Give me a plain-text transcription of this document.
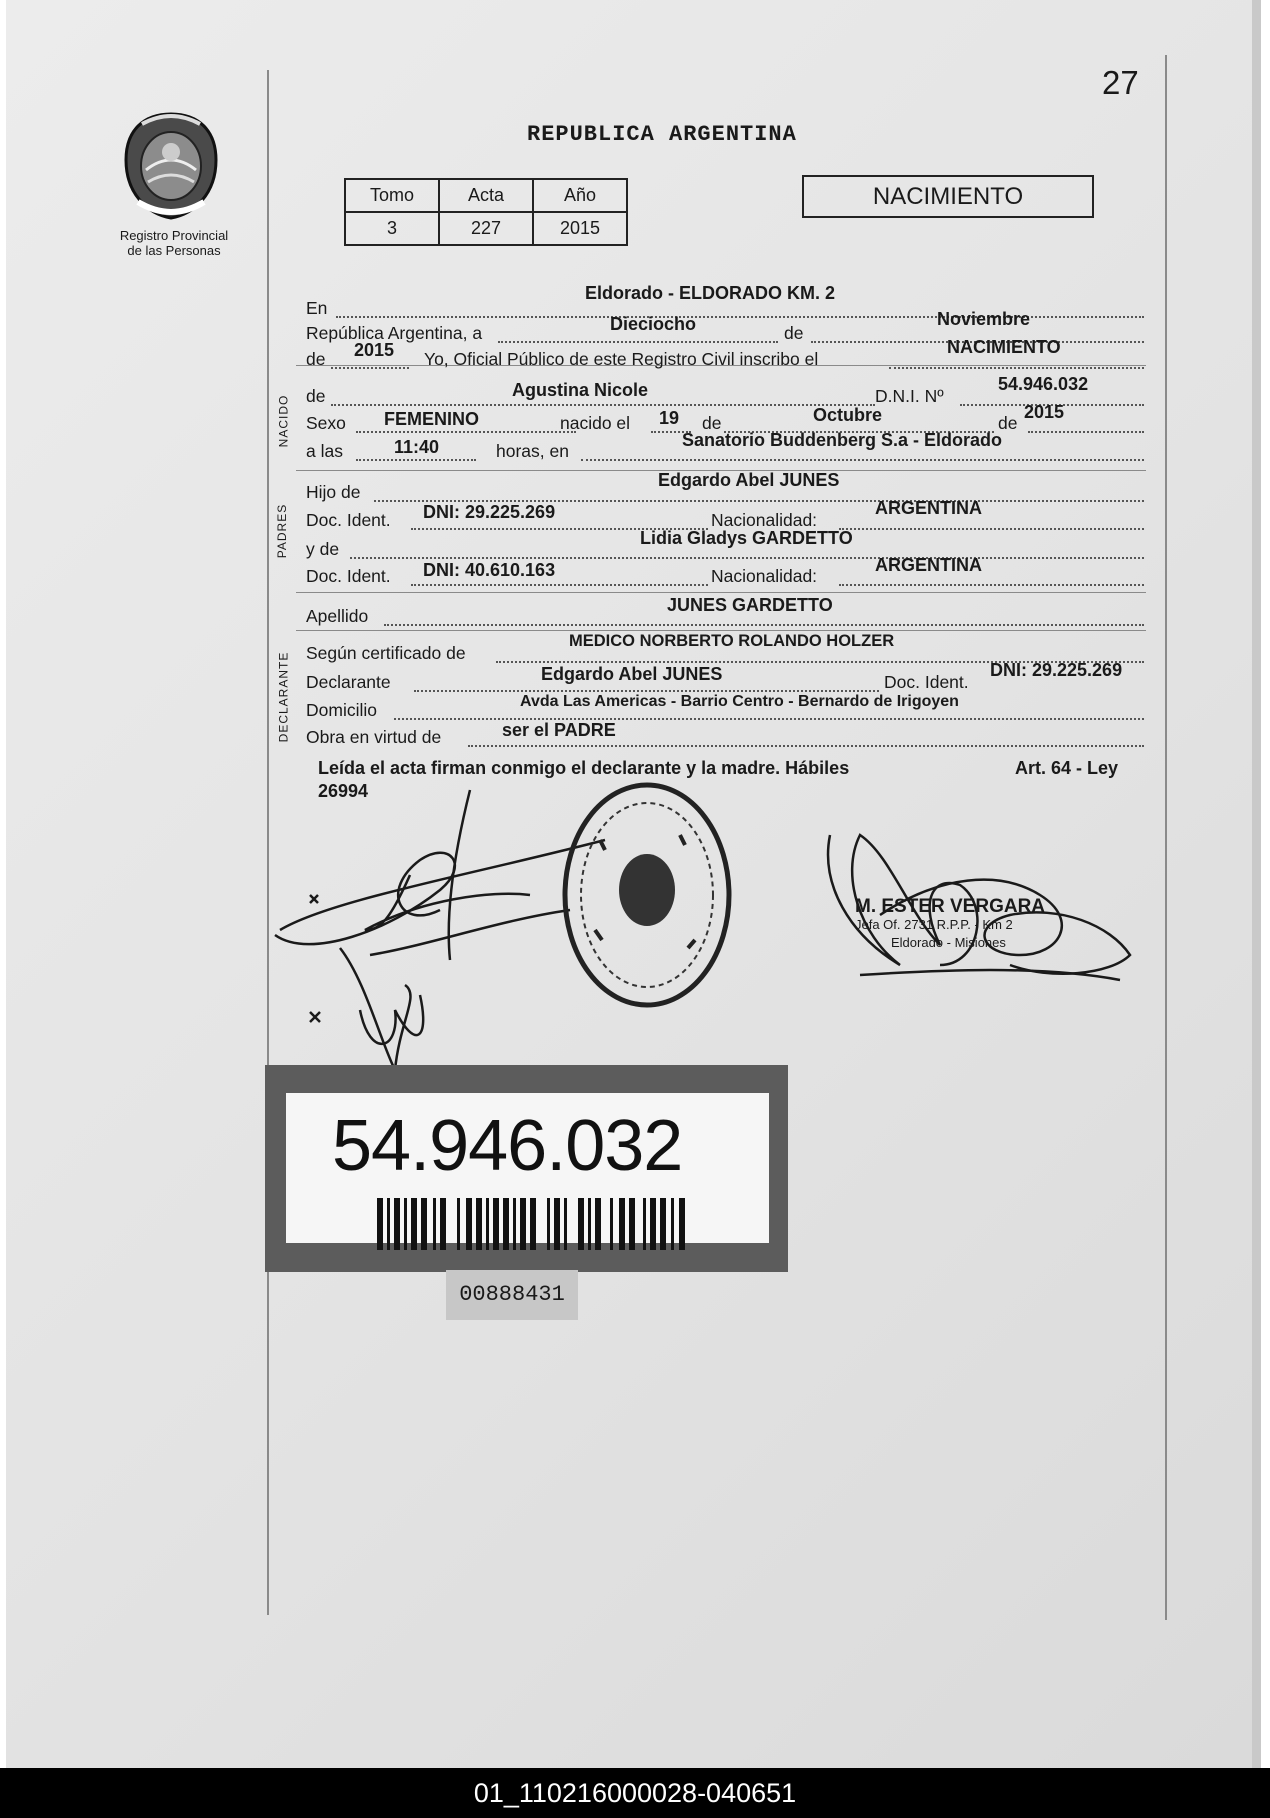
27
Registro Provincial
de las Personas
REPUBLICA ARGENTINA
Tomo	Acta	Año
3	227	2015
NACIMIENTO
NACIDO
PADRES
DECLARANTE
En
Eldorado - ELDORADO KM. 2
República Argentina, a	de
Dieciocho	Noviembre
de	Yo, Oficial Público de este Registro Civil inscribo el
2015	NACIMIENTO
de	D.N.I. Nº
Agustina Nicole	54.946.032
Sexo	nacido el	de	de
FEMENINO	19	Octubre	2015
a las	horas, en
11:40	Sanatorio Buddenberg S.a - Eldorado
Hijo de
Edgardo Abel JUNES
Doc. Ident.	Nacionalidad:
DNI: 29.225.269	ARGENTINA
y de
Lidia Gladys GARDETTO
Doc. Ident.	Nacionalidad:
DNI: 40.610.163	ARGENTINA
Apellido
JUNES GARDETTO
Según certificado de
MEDICO NORBERTO ROLANDO HOLZER
Declarante	Doc. Ident.
Edgardo Abel JUNES	DNI: 29.225.269
Domicilio	Avda Las Americas - Barrio Centro - Bernardo de Irigoyen
Obra en virtud de	ser el PADRE
Leída el acta firman conmigo el declarante y la madre. Hábiles	Art. 64 - Ley
26994
M. ESTER VERGARA
Jefa Of. 2731 R.P.P. - Km 2
Eldorado - Misiones
54.946.032
00888431
01_110216000028-040651
